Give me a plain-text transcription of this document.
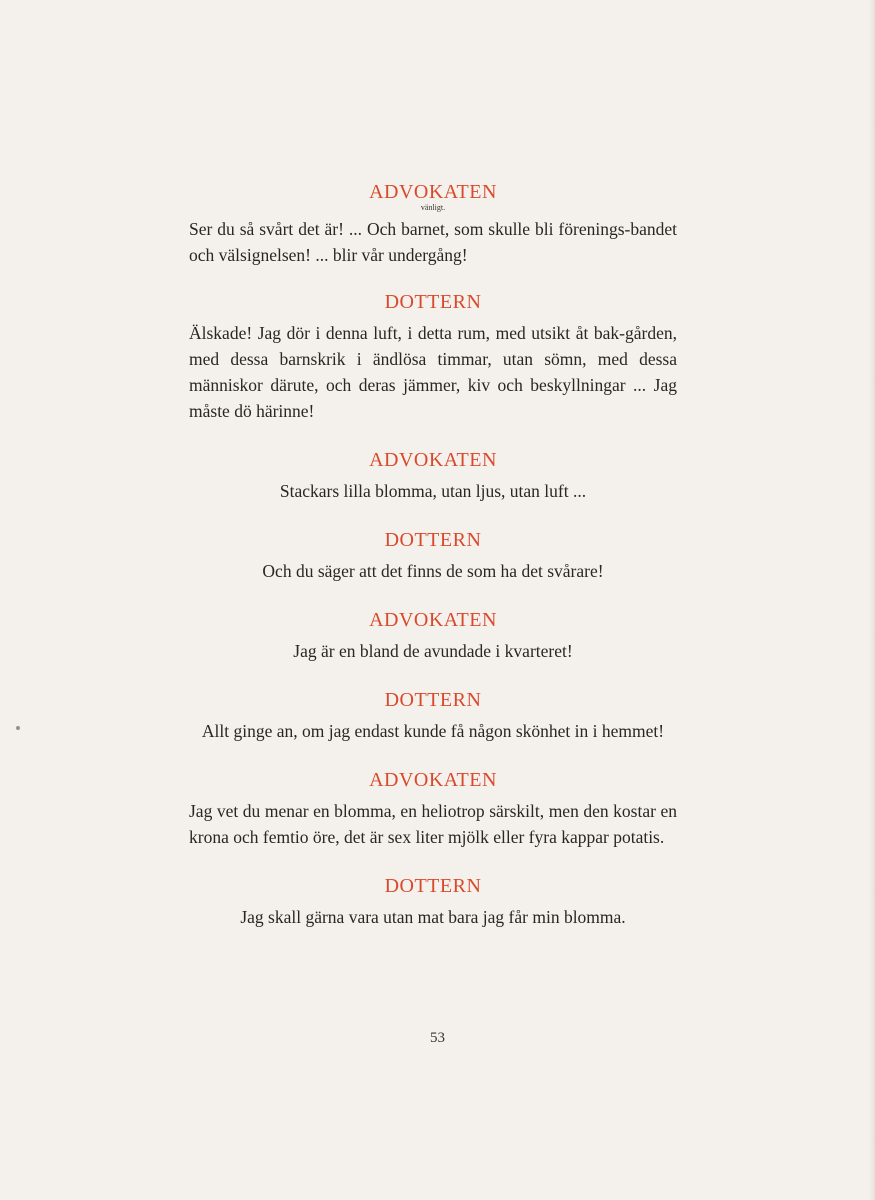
ADVOKATEN
vänligt.

Ser du så svårt det är! ... Och barnet, som skulle bli förenings-bandet och välsignelsen! ... blir vår undergång!

DOTTERN

Älskade! Jag dör i denna luft, i detta rum, med utsikt åt bak-gården, med dessa barnskrik i ändlösa timmar, utan sömn, med dessa människor därute, och deras jämmer, kiv och beskyllningar ... Jag måste dö härinne!

ADVOKATEN

Stackars lilla blomma, utan ljus, utan luft ...

DOTTERN

Och du säger att det finns de som ha det svårare!

ADVOKATEN

Jag är en bland de avundade i kvarteret!

DOTTERN

Allt ginge an, om jag endast kunde få någon skönhet in i hemmet!

ADVOKATEN

Jag vet du menar en blomma, en heliotrop särskilt, men den kostar en krona och femtio öre, det är sex liter mjölk eller fyra kappar potatis.

DOTTERN

Jag skall gärna vara utan mat bara jag får min blomma.

53
